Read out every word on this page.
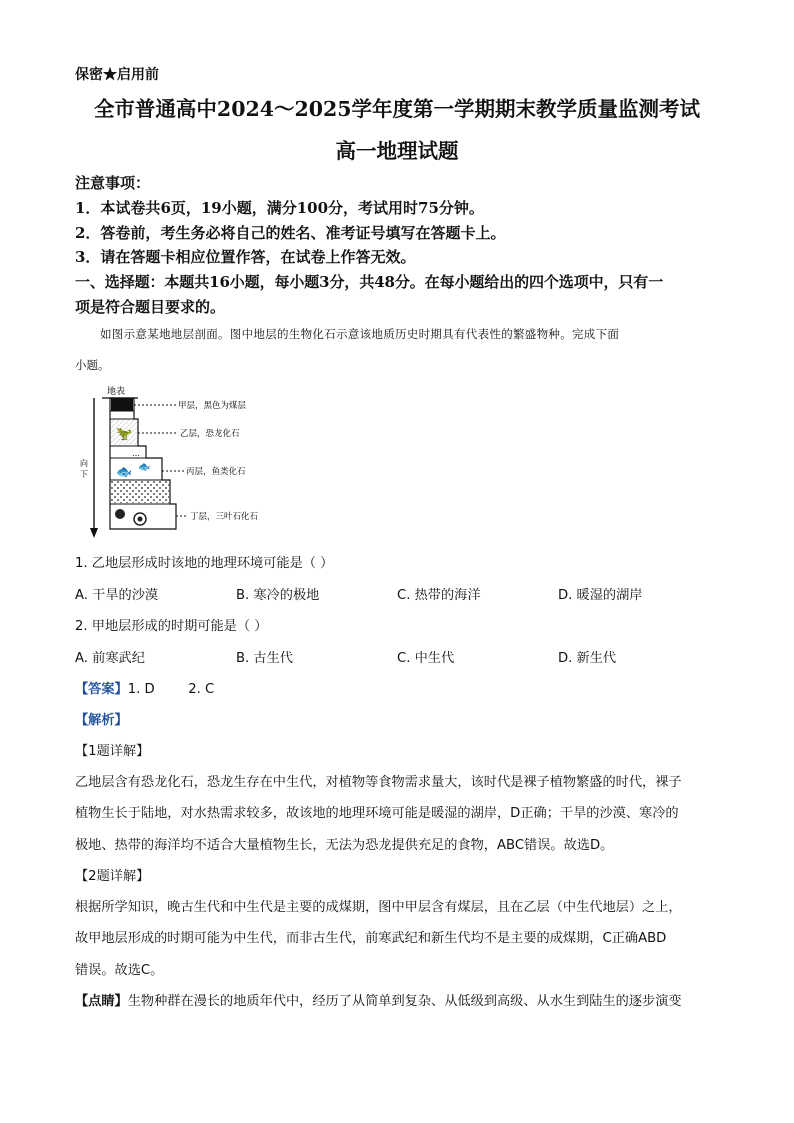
保密★启用前
全市普通高中2024～2025学年度第一学期期末教学质量监测考试
高一地理试题
注意事项：
1．本试卷共6页，19小题，满分100分，考试用时75分钟。
2．答卷前，考生务必将自己的姓名、准考证号填写在答题卡上。
3．请在答题卡相应位置作答，在试卷上作答无效。
一、选择题：本题共16小题，每小题3分，共48分。在每小题给出的四个选项中，只有一
项是符合题目要求的。
如图示意某地地层剖面。图中地层的生物化石示意该地质历史时期具有代表性的繁盛物种。完成下面
小题。
地表
向
下
🦖
…
🐟 🐟
甲层，黑色为煤层
乙层，恐龙化石
丙层，鱼类化石
丁层，三叶石化石
1. 乙地层形成时该地的地理环境可能是（ ）
A. 干旱的沙漠	B. 寒冷的极地	C. 热带的海洋	D. 暖湿的湖岸
2. 甲地层形成的时期可能是（ ）
A. 前寒武纪	B. 古生代	C. 中生代	D. 新生代
【答案】1. D        2. C
【解析】
【1题详解】
乙地层含有恐龙化石，恐龙生存在中生代，对植物等食物需求量大，该时代是裸子植物繁盛的时代，裸子
植物生长于陆地，对水热需求较多，故该地的地理环境可能是暖湿的湖岸，D正确；干旱的沙漠、寒冷的
极地、热带的海洋均不适合大量植物生长，无法为恐龙提供充足的食物，ABC错误。故选D。
【2题详解】
根据所学知识，晚古生代和中生代是主要的成煤期，图中甲层含有煤层，且在乙层（中生代地层）之上，
故甲地层形成的时期可能为中生代，而非古生代，前寒武纪和新生代均不是主要的成煤期，C正确ABD
错误。故选C。
【点睛】生物种群在漫长的地质年代中，经历了从简单到复杂、从低级到高级、从水生到陆生的逐步演变
